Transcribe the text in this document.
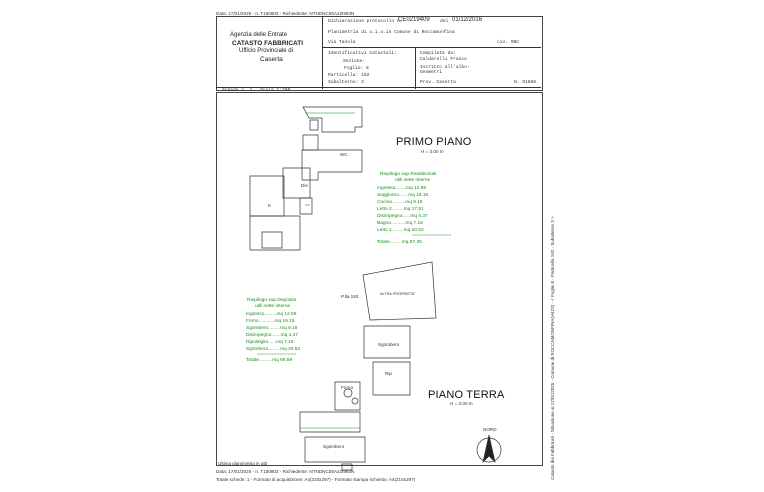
Data: 17/01/2025 - n. T150803 - Richiedente: NTNDNC55A22I993N
Agenzia delle Entrate
CATASTO FABBRICATI
Ufficio Provinciale di
Caserta
Dichiarazione protocollo n.
CE0219409 del 01/12/2016
Planimetria di u.i.u.in Comune di Roccamonfina
Via Tavola	civ. SNC
Identificativi Catastali:
Sezione:
Foglio: 8
Particella: 192
Subalterno: 3
Compilata da:
Caldarelli Franco
Iscritto all'albo:
Geometri
Prov. Caserta	N. 01888
Scheda n. 1 Scala 1:200
PRIMO PIANO
H = 3.00 m
PIANO TERRA
H = 3.00 m
P.lla 193	ALTRA PROPRIETA'
WC
Dis
K
Sgombero
Rip
Forno
Sgombero
NORD
Riepilogo sup.Residenziali
utili nette interne
Ingresso........mq 12.59
Soggiorno.......mq 16.15
Cucina..........mq 9.16
Letto 2.........mq 17.51
Disimpegno......mq 4.37
Bagno...........mq 7.15
Letto 1.........mq 20.52
==============
Totale.........mq 87.25
Riepilogo sup.Deposito
utili nette interne
Ingresso.........mq 12.59
Forno............mq 16.15
Sgombero.........mq 9.16
Disimpegno.......mq 4.37
Ripostiglio......mq 7.15
Sgombero.........mq 20.52
==============
Totale..........mq 69.59
Ultima planimetria in atti
Data: 17/01/2025 - n. T150803 - Richiedente: NTNDNC55A22I993N
Totale schede: 1 - Formato di acquisizione: A4(210x297) - Formato stampa richiesto: A4(210x297)	Catasto dei Fabbricati - Situazione al 17/01/2025 - Comune di ROCCAMONFINA(H423) - < Foglio 8 - Particella 192 - Subalterno 3 >
